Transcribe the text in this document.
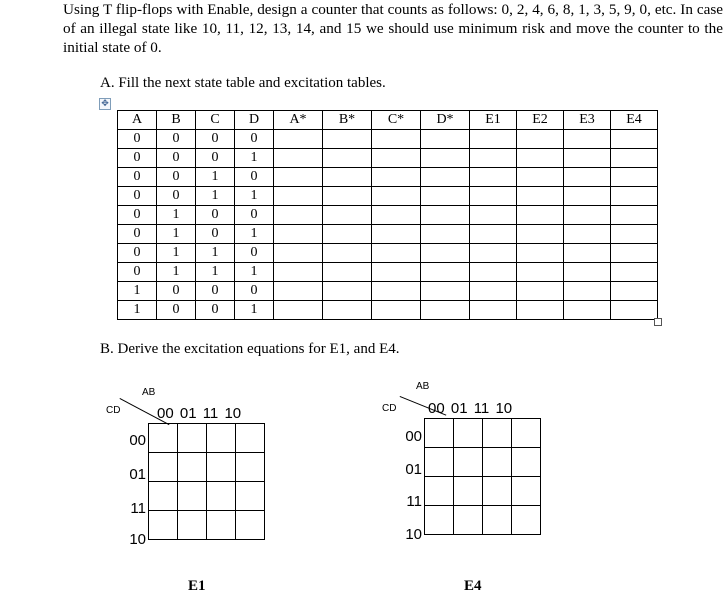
Using T flip-flops with Enable, design a counter that counts as follows: 0, 2, 4, 6, 8, 1, 3, 5, 9, 0, etc. In case of an illegal state like 10, 11, 12, 13, 14, and 15 we should use minimum risk and move the counter to the initial state of 0.
A. Fill the next state table and excitation tables.
✥
A	B	C	D	A*	B*	C*	D*	E1	E2	E3	E4
0	0	0	0								
0	0	0	1								
0	0	1	0								
0	0	1	1								
0	1	0	0								
0	1	0	1								
0	1	1	0								
0	1	1	1								
1	0	0	0								
1	0	0	1								
B. Derive the excitation equations for E1, and E4.
AB
CD 00 01 11 10
00
01
11
10

E1
AB
CD 00 01 11 10
00
01
11
10

E4
